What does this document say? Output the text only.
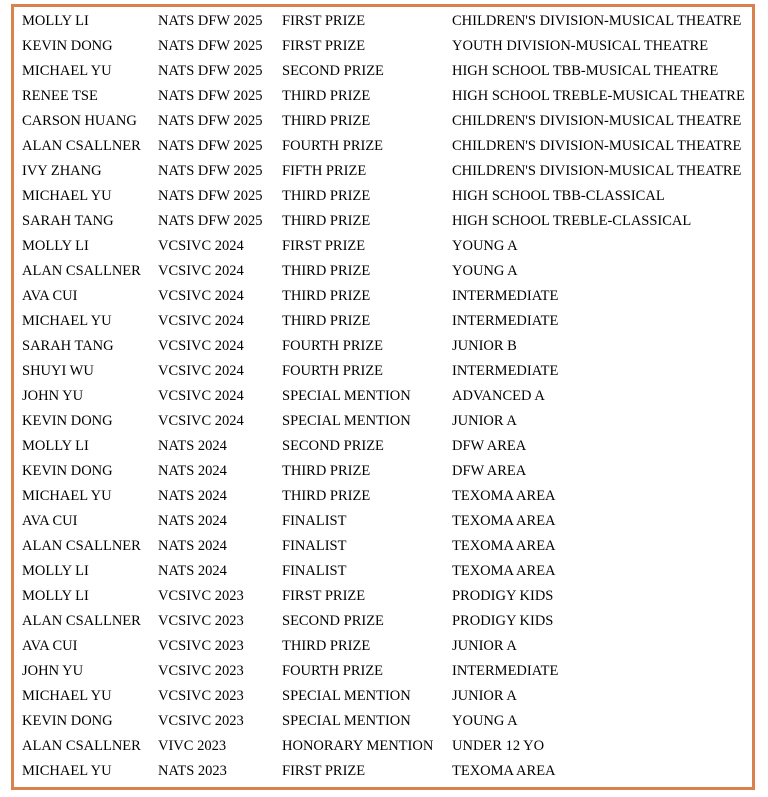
MOLLY LI	NATS DFW 2025	FIRST PRIZE	CHILDREN'S DIVISION-MUSICAL THEATRE
KEVIN DONG	NATS DFW 2025	FIRST PRIZE	YOUTH DIVISION-MUSICAL THEATRE
MICHAEL YU	NATS DFW 2025	SECOND PRIZE	HIGH SCHOOL TBB-MUSICAL THEATRE
RENEE TSE	NATS DFW 2025	THIRD PRIZE	HIGH SCHOOL TREBLE-MUSICAL THEATRE
CARSON HUANG	NATS DFW 2025	THIRD PRIZE	CHILDREN'S DIVISION-MUSICAL THEATRE
ALAN CSALLNER	NATS DFW 2025	FOURTH PRIZE	CHILDREN'S DIVISION-MUSICAL THEATRE
IVY ZHANG	NATS DFW 2025	FIFTH PRIZE	CHILDREN'S DIVISION-MUSICAL THEATRE
MICHAEL YU	NATS DFW 2025	THIRD PRIZE	HIGH SCHOOL TBB-CLASSICAL
SARAH TANG	NATS DFW 2025	THIRD PRIZE	HIGH SCHOOL TREBLE-CLASSICAL
MOLLY LI	VCSIVC 2024	FIRST PRIZE	YOUNG A
ALAN CSALLNER	VCSIVC 2024	THIRD PRIZE	YOUNG A
AVA CUI	VCSIVC 2024	THIRD PRIZE	INTERMEDIATE
MICHAEL YU	VCSIVC 2024	THIRD PRIZE	INTERMEDIATE
SARAH TANG	VCSIVC 2024	FOURTH PRIZE	JUNIOR B
SHUYI WU	VCSIVC 2024	FOURTH PRIZE	INTERMEDIATE
JOHN YU	VCSIVC 2024	SPECIAL MENTION	ADVANCED A
KEVIN DONG	VCSIVC 2024	SPECIAL MENTION	JUNIOR A
MOLLY LI	NATS 2024	SECOND PRIZE	DFW AREA
KEVIN DONG	NATS 2024	THIRD PRIZE	DFW AREA
MICHAEL YU	NATS 2024	THIRD PRIZE	TEXOMA AREA
AVA CUI	NATS 2024	FINALIST	TEXOMA AREA
ALAN CSALLNER	NATS 2024	FINALIST	TEXOMA AREA
MOLLY LI	NATS 2024	FINALIST	TEXOMA AREA
MOLLY LI	VCSIVC 2023	FIRST PRIZE	PRODIGY KIDS
ALAN CSALLNER	VCSIVC 2023	SECOND PRIZE	PRODIGY KIDS
AVA CUI	VCSIVC 2023	THIRD PRIZE	JUNIOR A
JOHN YU	VCSIVC 2023	FOURTH PRIZE	INTERMEDIATE
MICHAEL YU	VCSIVC 2023	SPECIAL MENTION	JUNIOR A
KEVIN DONG	VCSIVC 2023	SPECIAL MENTION	YOUNG A
ALAN CSALLNER	VIVC 2023	HONORARY MENTION	UNDER 12 YO
MICHAEL YU	NATS 2023	FIRST PRIZE	TEXOMA AREA
